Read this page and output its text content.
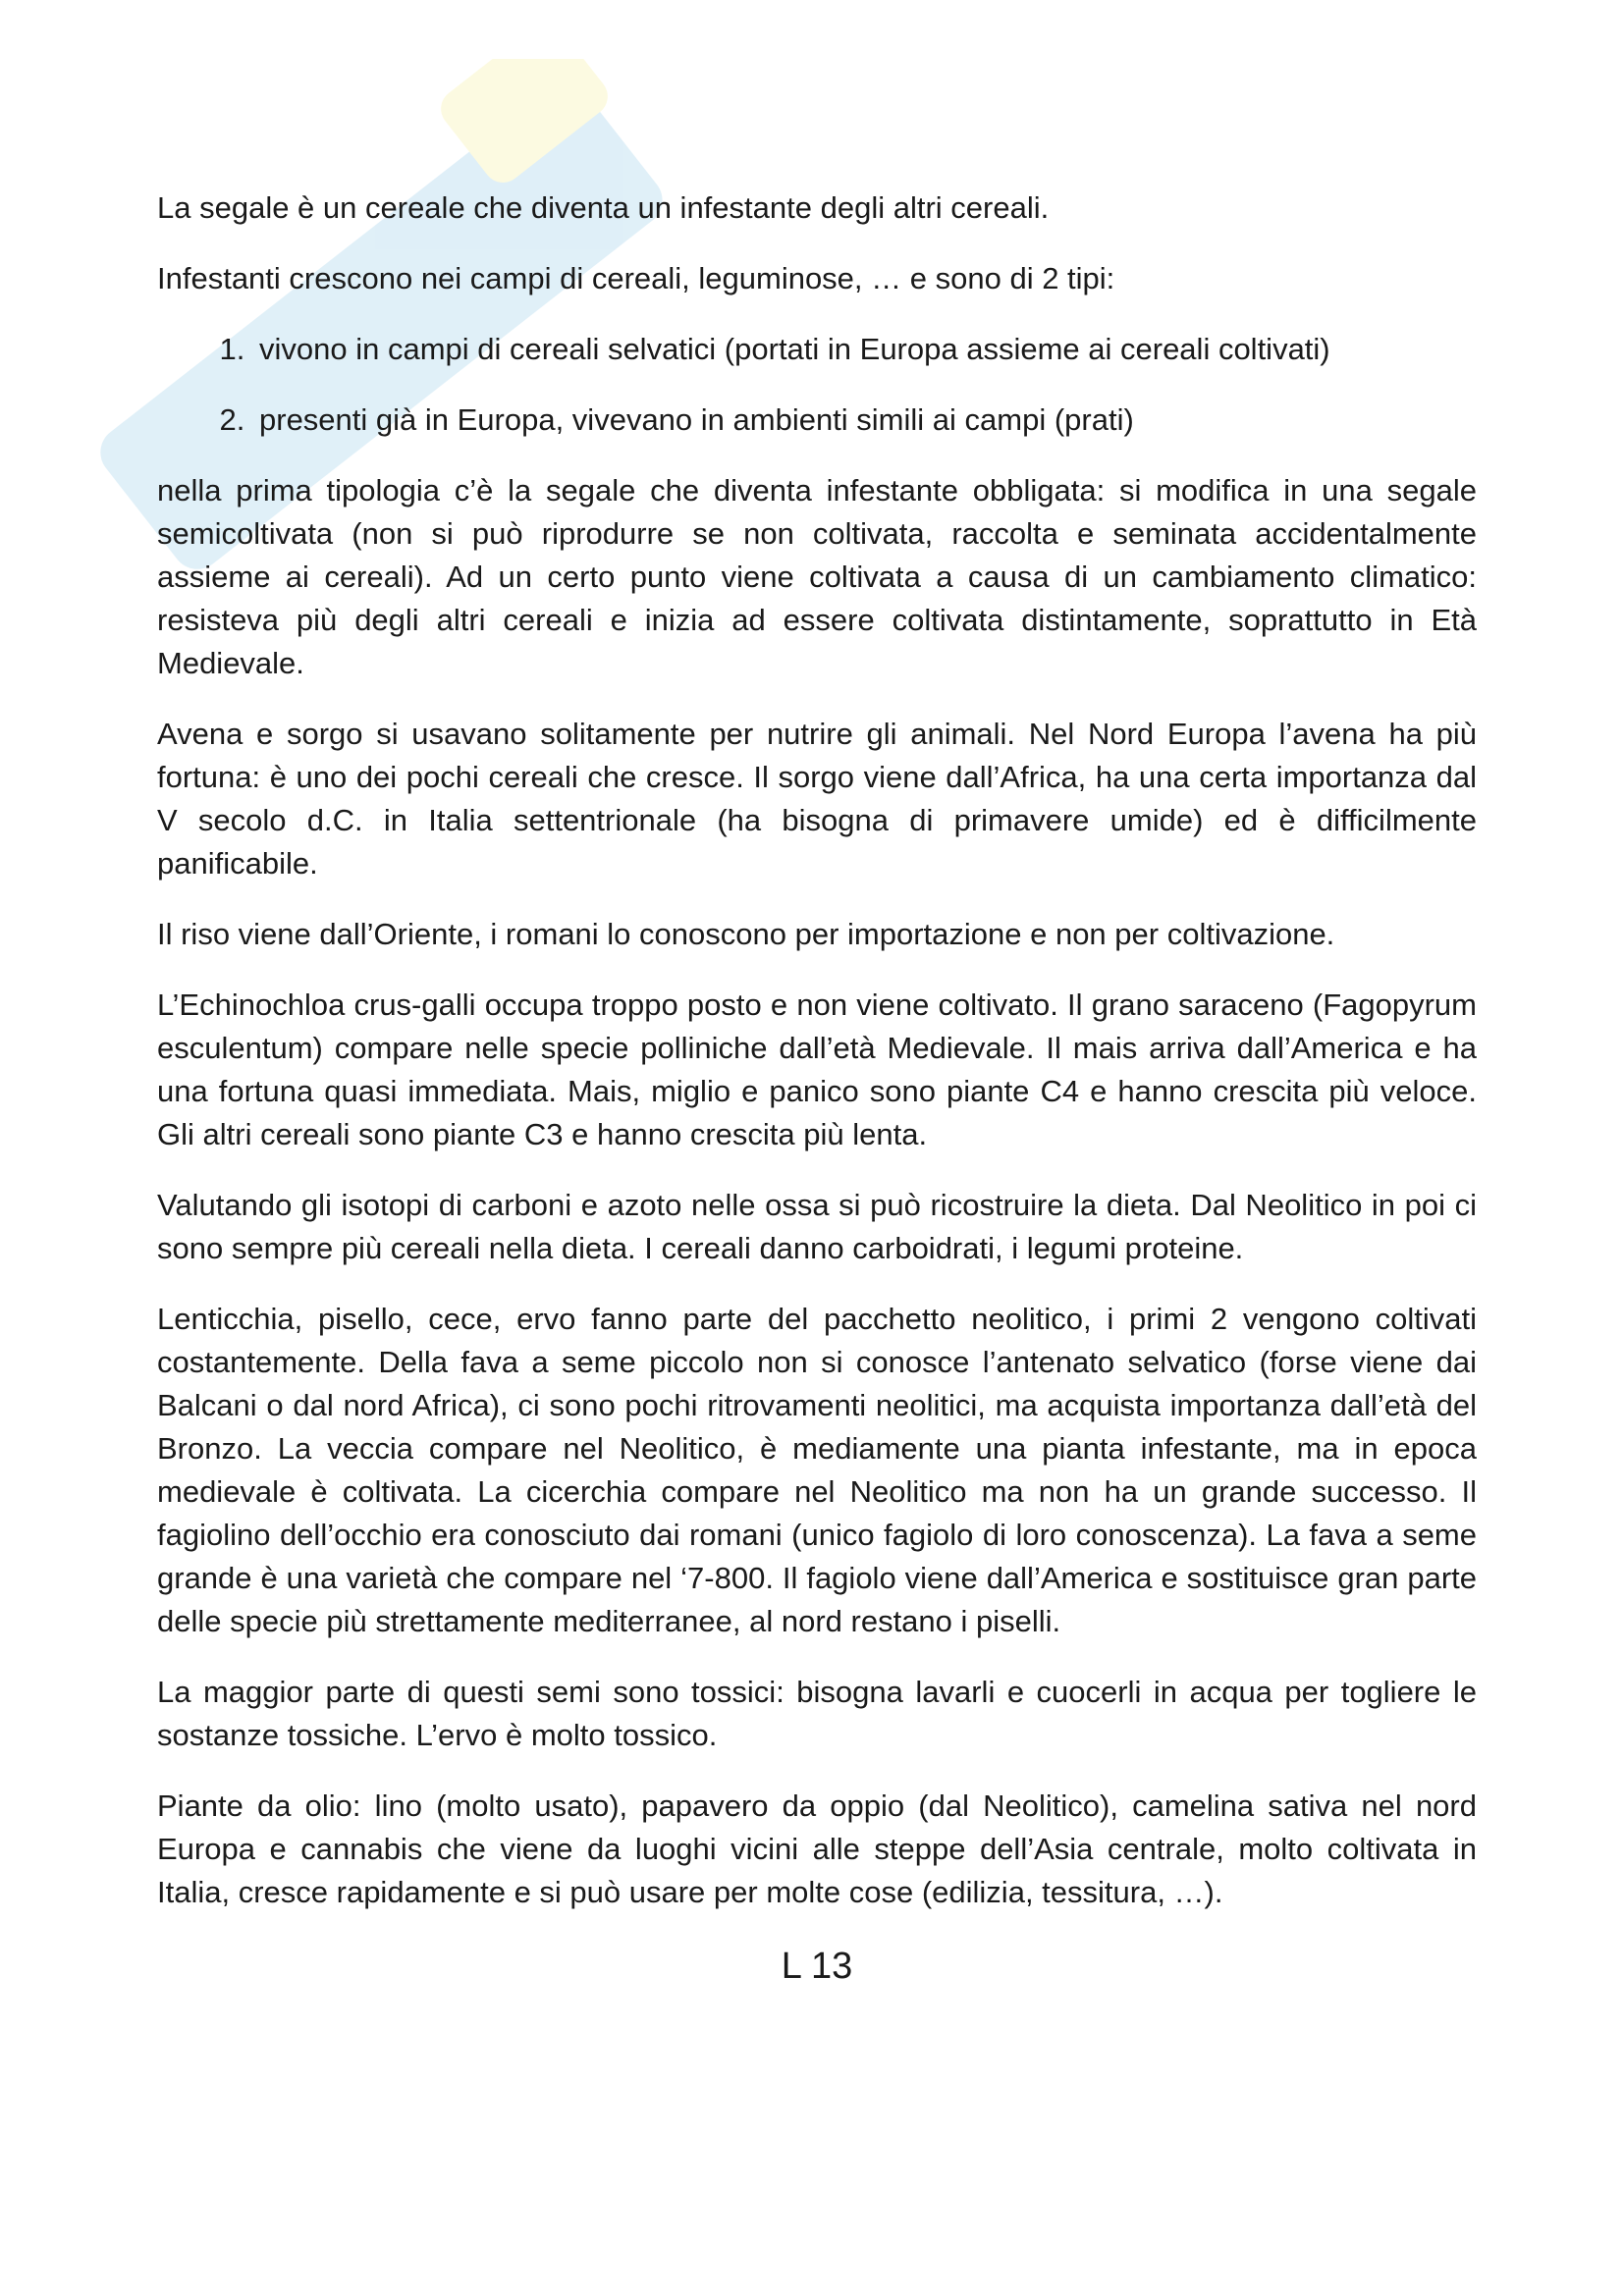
La segale è un cereale che diventa un infestante degli altri cereali.

Infestanti crescono nei campi di cereali, leguminose, … e sono di 2 tipi:

1. vivono in campi di cereali selvatici (portati in Europa assieme ai cereali coltivati)
2. presenti già in Europa, vivevano in ambienti simili ai campi (prati)

nella prima tipologia c’è la segale che diventa infestante obbligata: si modifica in una segale semicoltivata (non si può riprodurre se non coltivata, raccolta e seminata accidentalmente assieme ai cereali). Ad un certo punto viene coltivata a causa di un cambiamento climatico: resisteva più degli altri cereali e inizia ad essere coltivata distintamente, soprattutto in Età Medievale.

Avena e sorgo si usavano solitamente per nutrire gli animali. Nel Nord Europa l’avena ha più fortuna: è uno dei pochi cereali che cresce. Il sorgo viene dall’Africa, ha una certa importanza dal V secolo d.C. in Italia settentrionale (ha bisogna di primavere umide) ed è difficilmente panificabile.

Il riso viene dall’Oriente, i romani lo conoscono per importazione e non per coltivazione.

L’Echinochloa crus-galli occupa troppo posto e non viene coltivato. Il grano saraceno (Fagopyrum esculentum) compare nelle specie polliniche dall’età Medievale. Il mais arriva dall’America e ha una fortuna quasi immediata. Mais, miglio e panico sono piante C4 e hanno crescita più veloce. Gli altri cereali sono piante C3 e hanno crescita più lenta.

Valutando gli isotopi di carboni e azoto nelle ossa si può ricostruire la dieta. Dal Neolitico in poi ci sono sempre più cereali nella dieta. I cereali danno carboidrati, i legumi proteine.

Lenticchia, pisello, cece, ervo fanno parte del pacchetto neolitico, i primi 2 vengono coltivati costantemente. Della fava a seme piccolo non si conosce l’antenato selvatico (forse viene dai Balcani o dal nord Africa), ci sono pochi ritrovamenti neolitici, ma acquista importanza dall’età del Bronzo. La veccia compare nel Neolitico, è mediamente una pianta infestante, ma in epoca medievale è coltivata. La cicerchia compare nel Neolitico ma non ha un grande successo. Il fagiolino dell’occhio era conosciuto dai romani (unico fagiolo di loro conoscenza). La fava a seme grande è una varietà che compare nel ‘7-800. Il fagiolo viene dall’America e sostituisce gran parte delle specie più strettamente mediterranee, al nord restano i piselli.

La maggior parte di questi semi sono tossici: bisogna lavarli e cuocerli in acqua per togliere le sostanze tossiche. L’ervo è molto tossico.

Piante da olio: lino (molto usato), papavero da oppio (dal Neolitico), camelina sativa nel nord Europa e cannabis che viene da luoghi vicini alle steppe dell’Asia centrale, molto coltivata in Italia, cresce rapidamente e si può usare per molte cose (edilizia, tessitura, …).

L 13
